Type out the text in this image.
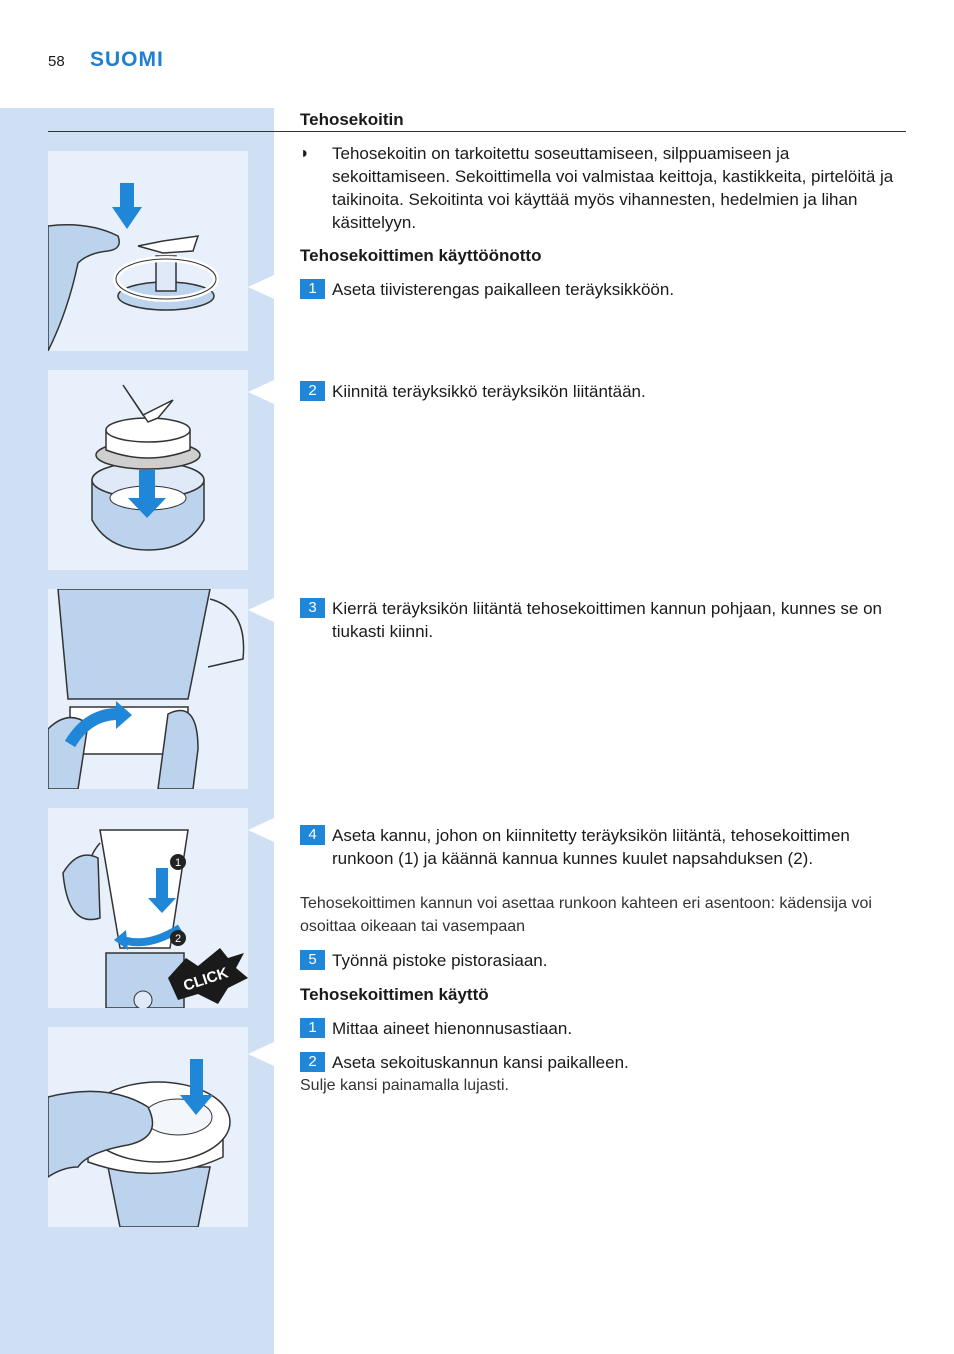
58 SUOMI
Tehosekoitin
1
2
CLICK
◗ Tehosekoitin on tarkoitettu soseuttamiseen, silppuamiseen ja sekoittamiseen. Sekoittimella voi valmistaa keittoja, kastikkeita, pirtelöitä ja taikinoita. Sekoitinta voi käyttää myös vihannesten, hedelmien ja lihan käsittelyyn.
Tehosekoittimen käyttöönotto
1 Aseta tiivisterengas paikalleen teräyksikköön.
2 Kiinnitä teräyksikkö teräyksikön liitäntään.
3 Kierrä teräyksikön liitäntä tehosekoittimen kannun pohjaan, kunnes se on tiukasti kiinni.
4 Aseta kannu, johon on kiinnitetty teräyksikön liitäntä, tehosekoittimen runkoon (1) ja käännä kannua kunnes kuulet napsahduksen (2).
Tehosekoittimen kannun voi asettaa runkoon kahteen eri asentoon: kädensija voi osoittaa oikeaan tai vasempaan
5 Työnnä pistoke pistorasiaan.
Tehosekoittimen käyttö
1 Mittaa aineet hienonnusastiaan.
2 Aseta sekoituskannun kansi paikalleen.
Sulje kansi painamalla lujasti.
